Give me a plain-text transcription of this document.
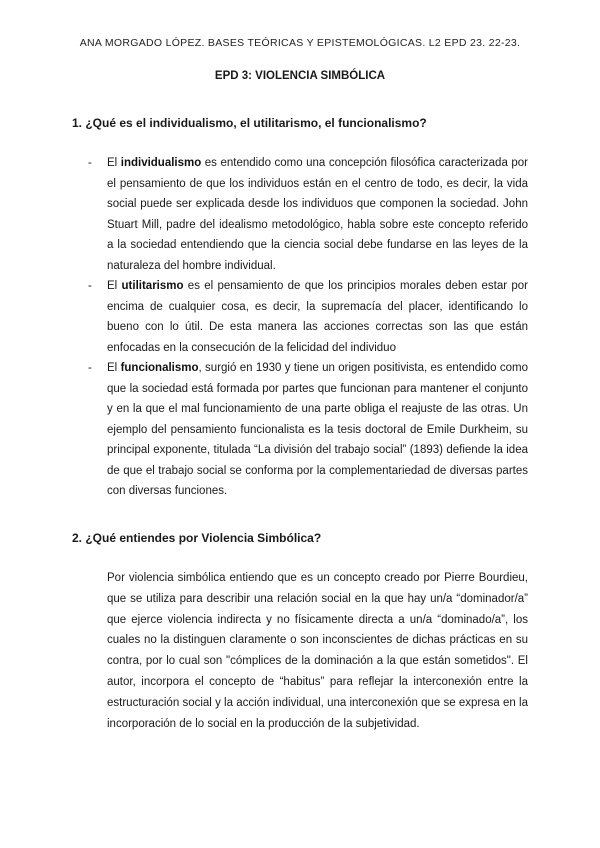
ANA MORGADO LÓPEZ. BASES TEÓRICAS Y EPISTEMOLÓGICAS. L2 EPD 23. 22-23.
EPD 3: VIOLENCIA SIMBÓLICA
1. ¿Qué es el individualismo, el utilitarismo, el funcionalismo?
- El individualismo es entendido como una concepción filosófica caracterizada por el pensamiento de que los individuos están en el centro de todo, es decir, la vida social puede ser explicada desde los individuos que componen la sociedad. John Stuart Mill, padre del idealismo metodológico, habla sobre este concepto referido a la sociedad entendiendo que la ciencia social debe fundarse en las leyes de la naturaleza del hombre individual.

- El utilitarismo es el pensamiento de que los principios morales deben estar por encima de cualquier cosa, es decir, la supremacía del placer, identificando lo bueno con lo útil. De esta manera las acciones correctas son las que están enfocadas en la consecución de la felicidad del individuo

- El funcionalismo, surgió en 1930 y tiene un origen positivista, es entendido como que la sociedad está formada por partes que funcionan para mantener el conjunto y en la que el mal funcionamiento de una parte obliga el reajuste de las otras. Un ejemplo del pensamiento funcionalista es la tesis doctoral de Emile Durkheim, su principal exponente, titulada “La división del trabajo social” (1893) defiende la idea de que el trabajo social se conforma por la complementariedad de diversas partes con diversas funciones.

2. ¿Qué entiendes por Violencia Simbólica?

Por violencia simbólica entiendo que es un concepto creado por Pierre Bourdieu, que se utiliza para describir una relación social en la que hay un/a “dominador/a” que ejerce violencia indirecta y no físicamente directa a un/a “dominado/a”, los cuales no la distinguen claramente o son inconscientes de dichas prácticas en su contra, por lo cual son "cómplices de la dominación a la que están sometidos". El autor, incorpora el concepto de “habitus” para reflejar la interconexión entre la estructuración social y la acción individual, una interconexión que se expresa en la incorporación de lo social en la producción de la subjetividad.
